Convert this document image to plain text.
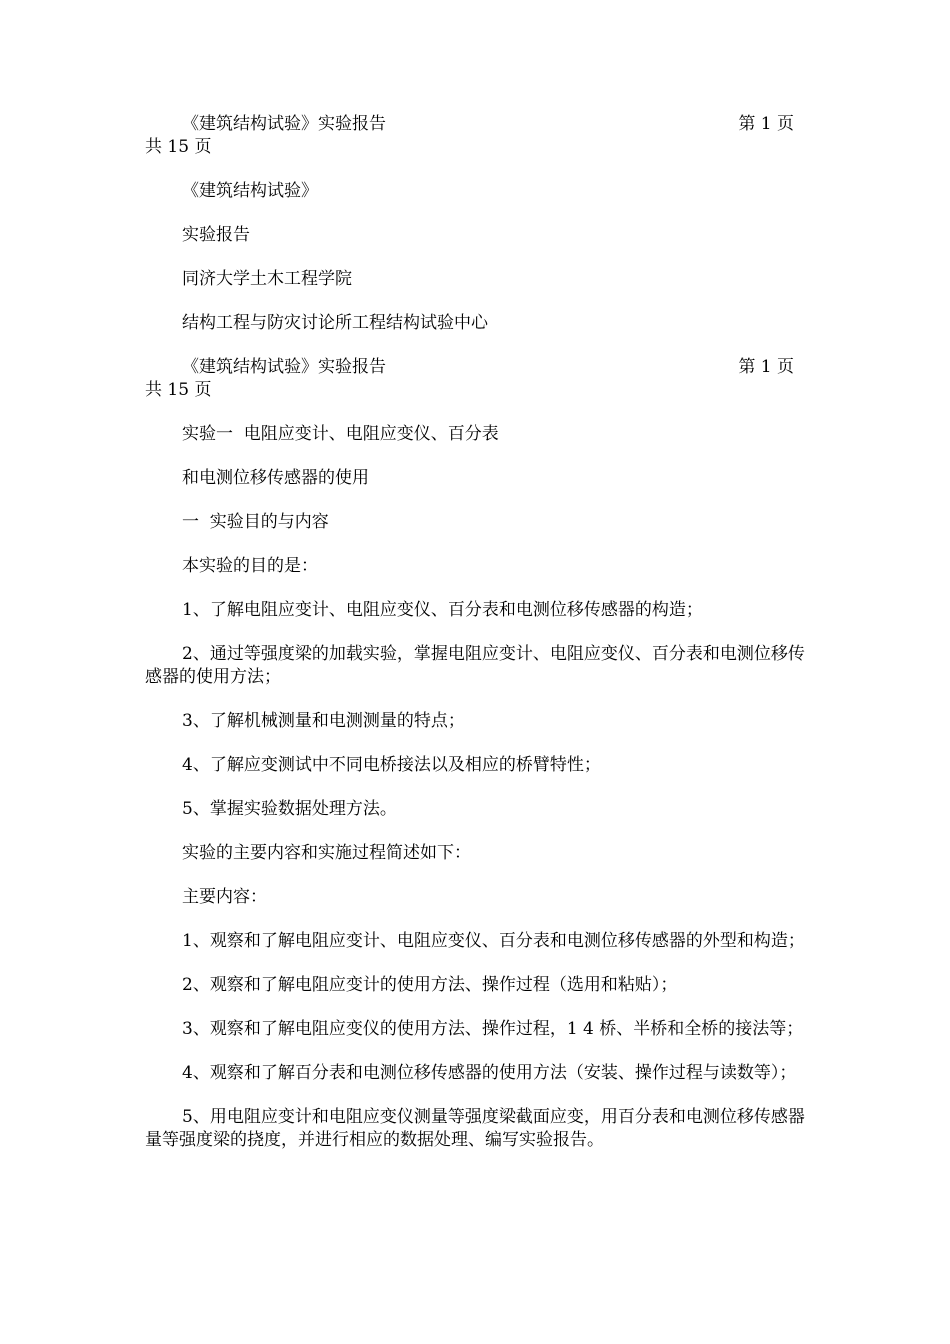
《建筑结构试验》实验报告	第 1 页
共 15 页

《建筑结构试验》

实验报告

同济大学土木工程学院

结构工程与防灾讨论所工程结构试验中心

《建筑结构试验》实验报告	第 1 页
共 15 页

实验一  电阻应变计、电阻应变仪、百分表

和电测位移传感器的使用

一  实验目的与内容

本实验的目的是：

1、了解电阻应变计、电阻应变仪、百分表和电测位移传感器的构造；

2、通过等强度梁的加载实验，掌握电阻应变计、电阻应变仪、百分表和电测位移传感器的使用方法；

3、了解机械测量和电测测量的特点；

4、了解应变测试中不同电桥接法以及相应的桥臂特性；

5、掌握实验数据处理方法。

实验的主要内容和实施过程简述如下：

主要内容：

1、观察和了解电阻应变计、电阻应变仪、百分表和电测位移传感器的外型和构造；

2、观察和了解电阻应变计的使用方法、操作过程（选用和粘贴）；

3、观察和了解电阻应变仪的使用方法、操作过程，1 4 桥、半桥和全桥的接法等；

4、观察和了解百分表和电测位移传感器的使用方法（安装、操作过程与读数等）；

5、用电阻应变计和电阻应变仪测量等强度梁截面应变，用百分表和电测位移传感器量等强度梁的挠度，并进行相应的数据处理、编写实验报告。
